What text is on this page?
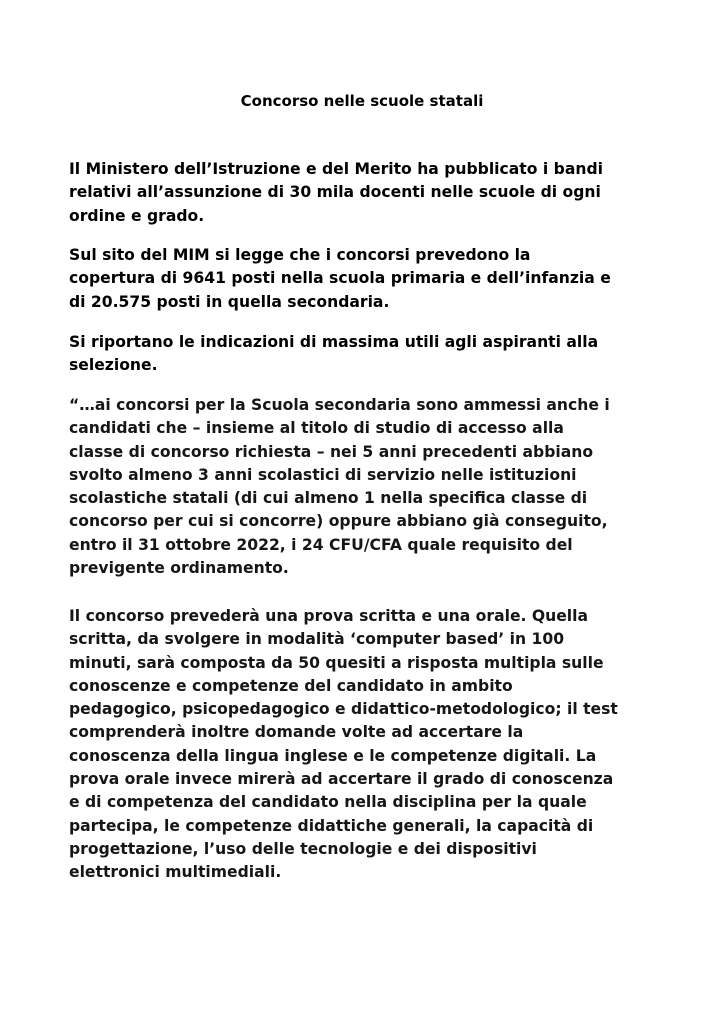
Concorso nelle scuole statali

Il Ministero dell’Istruzione e del Merito ha pubblicato i bandi
relativi all’assunzione di 30 mila docenti nelle scuole di ogni
ordine e grado.

Sul sito del MIM si legge che i concorsi prevedono la
copertura di 9641 posti nella scuola primaria e dell’infanzia e
di 20.575 posti in quella secondaria.

Si riportano le indicazioni di massima utili agli aspiranti alla
selezione.

“…ai concorsi per la Scuola secondaria sono ammessi anche i
candidati che – insieme al titolo di studio di accesso alla
classe di concorso richiesta – nei 5 anni precedenti abbiano
svolto almeno 3 anni scolastici di servizio nelle istituzioni
scolastiche statali (di cui almeno 1 nella specifica classe di
concorso per cui si concorre) oppure abbiano già conseguito,
entro il 31 ottobre 2022, i 24 CFU/CFA quale requisito del
previgente ordinamento.

Il concorso prevederà una prova scritta e una orale. Quella
scritta, da svolgere in modalità ‘computer based’ in 100
minuti, sarà composta da 50 quesiti a risposta multipla sulle
conoscenze e competenze del candidato in ambito
pedagogico, psicopedagogico e didattico-metodologico; il test
comprenderà inoltre domande volte ad accertare la
conoscenza della lingua inglese e le competenze digitali. La
prova orale invece mirerà ad accertare il grado di conoscenza
e di competenza del candidato nella disciplina per la quale
partecipa, le competenze didattiche generali, la capacità di
progettazione, l’uso delle tecnologie e dei dispositivi
elettronici multimediali.
